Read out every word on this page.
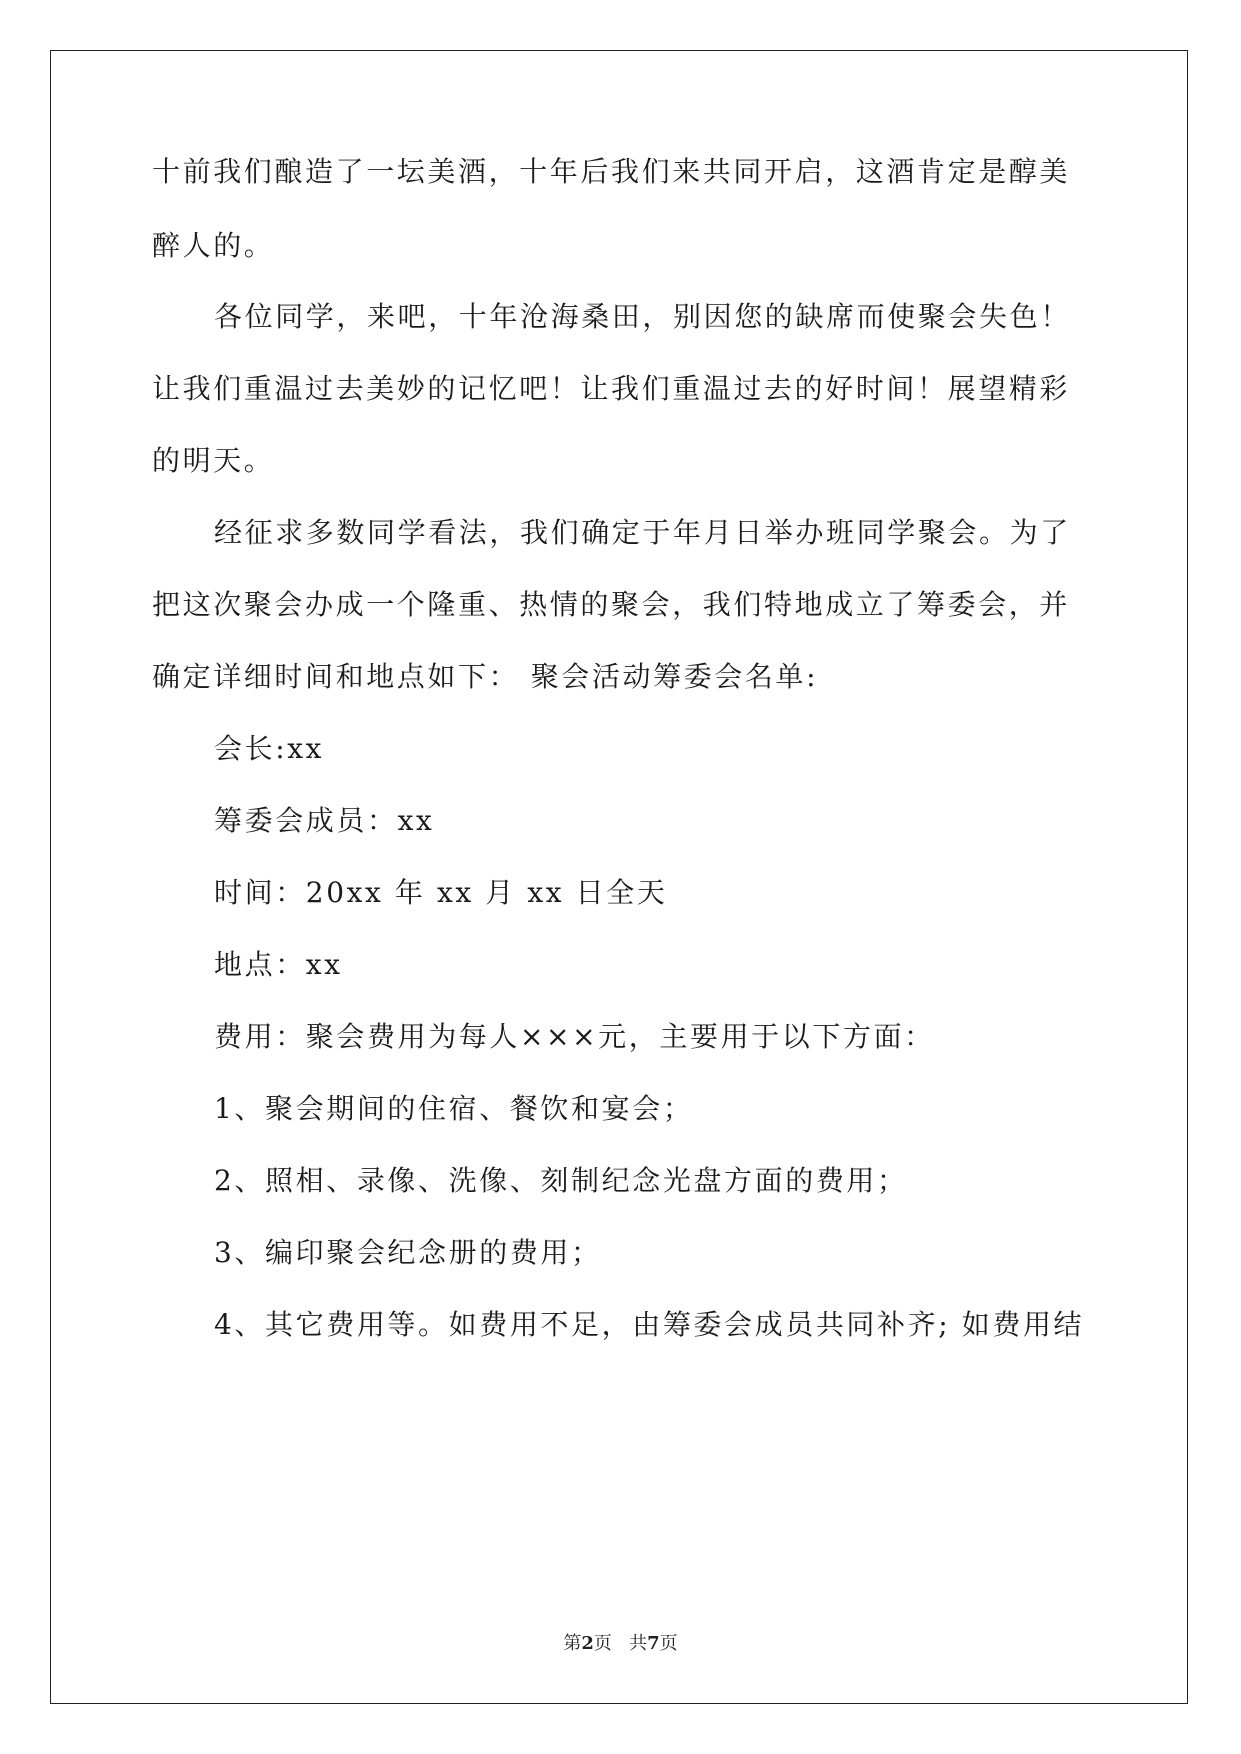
十前我们酿造了一坛美酒，十年后我们来共同开启，这酒肯定是醇美
醉人的。
各位同学，来吧，十年沧海桑田，别因您的缺席而使聚会失色！
让我们重温过去美妙的记忆吧！让我们重温过去的好时间！展望精彩
的明天。
经征求多数同学看法，我们确定于年月日举办班同学聚会。为了
把这次聚会办成一个隆重、热情的聚会，我们特地成立了筹委会，并
确定详细时间和地点如下： 聚会活动筹委会名单:
会长:xx
筹委会成员：xx
时间：20xx 年 xx 月 xx 日全天
地点：xx
费用：聚会费用为每人×××元，主要用于以下方面：
1、聚会期间的住宿、餐饮和宴会；
2、照相、录像、洗像、刻制纪念光盘方面的费用；
3、编印聚会纪念册的费用；
4、其它费用等。如费用不足，由筹委会成员共同补齐; 如费用结
第2页   共7页
